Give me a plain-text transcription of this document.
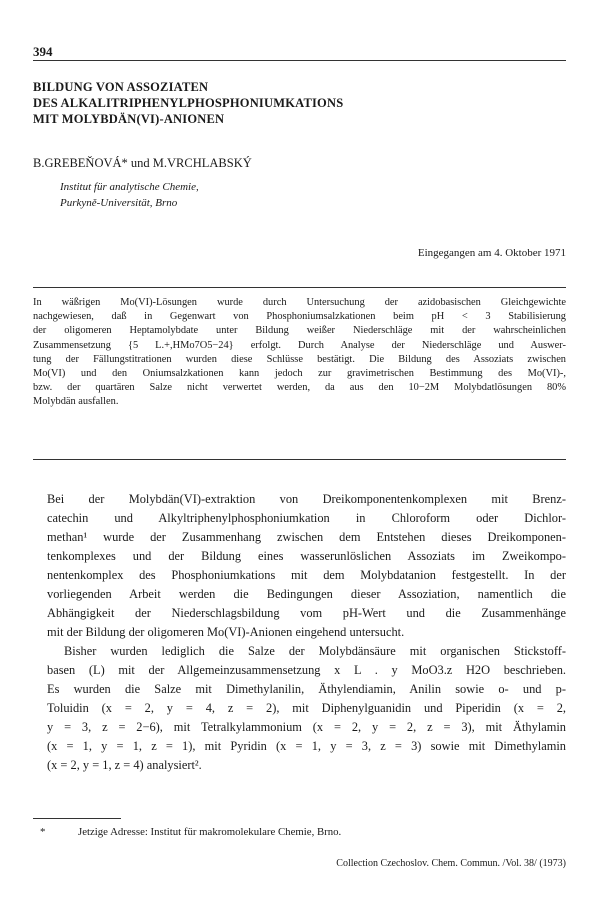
394
BILDUNG VON ASSOZIATEN
DES ALKALITRIPHENYLPHOSPHONIUMKATIONS
MIT MOLYBDÄN(VI)-ANIONEN
B.GREBEŇOVÁ* und M.VRCHLABSKÝ
Institut für analytische Chemie,
Purkyně-Universität, Brno
Eingegangen am 4. Oktober 1971
In wäßrigen Mo(VI)-Lösungen wurde durch Untersuchung der azidobasischen Gleichgewichte
nachgewiesen, daß in Gegenwart von Phosphoniumsalzkationen beim pH < 3 Stabilisierung
der oligomeren Heptamolybdate unter Bildung weißer Niederschläge mit der wahrscheinlichen
Zusammensetzung {5 L.+,HMo7O5−24} erfolgt. Durch Analyse der Niederschläge und Auswer-
tung der Fällungstitrationen wurden diese Schlüsse bestätigt. Die Bildung des Assoziats zwischen
Mo(VI) und den Oniumsalzkationen kann jedoch zur gravimetrischen Bestimmung des Mo(VI)-,
bzw. der quartären Salze nicht verwertet werden, da aus den 10−2M Molybdatlösungen 80%
Molybdän ausfallen.
Bei der Molybdän(VI)-extraktion von Dreikomponentenkomplexen mit Brenz-
catechin und Alkyltriphenylphosphoniumkation in Chloroform oder Dichlor-
methan¹ wurde der Zusammenhang zwischen dem Entstehen dieses Dreikomponen-
tenkomplexes und der Bildung eines wasserunlöslichen Assoziats im Zweikompo-
nentenkomplex des Phosphoniumkations mit dem Molybdatanion festgestellt. In der
vorliegenden Arbeit werden die Bedingungen dieser Assoziation, namentlich die
Abhängigkeit der Niederschlagsbildung vom pH-Wert und die Zusammenhänge
mit der Bildung der oligomeren Mo(VI)-Anionen eingehend untersucht.
Bisher wurden lediglich die Salze der Molybdänsäure mit organischen Stickstoff-
basen (L) mit der Allgemeinzusammensetzung x L . y MoO3.z H2O beschrieben.
Es wurden die Salze mit Dimethylanilin, Äthylendiamin, Anilin sowie o- und p-
Toluidin (x = 2, y = 4, z = 2), mit Diphenylguanidin und Piperidin (x = 2,
y = 3, z = 2−6), mit Tetralkylammonium (x = 2, y = 2, z = 3), mit Äthylamin
(x = 1, y = 1, z = 1), mit Pyridin (x = 1, y = 3, z = 3) sowie mit Dimethylamin
(x = 2, y = 1, z = 4) analysiert².
*	Jetzige Adresse: Institut für makromolekulare Chemie, Brno.
Collection Czechoslov. Chem. Commun. /Vol. 38/ (1973)
